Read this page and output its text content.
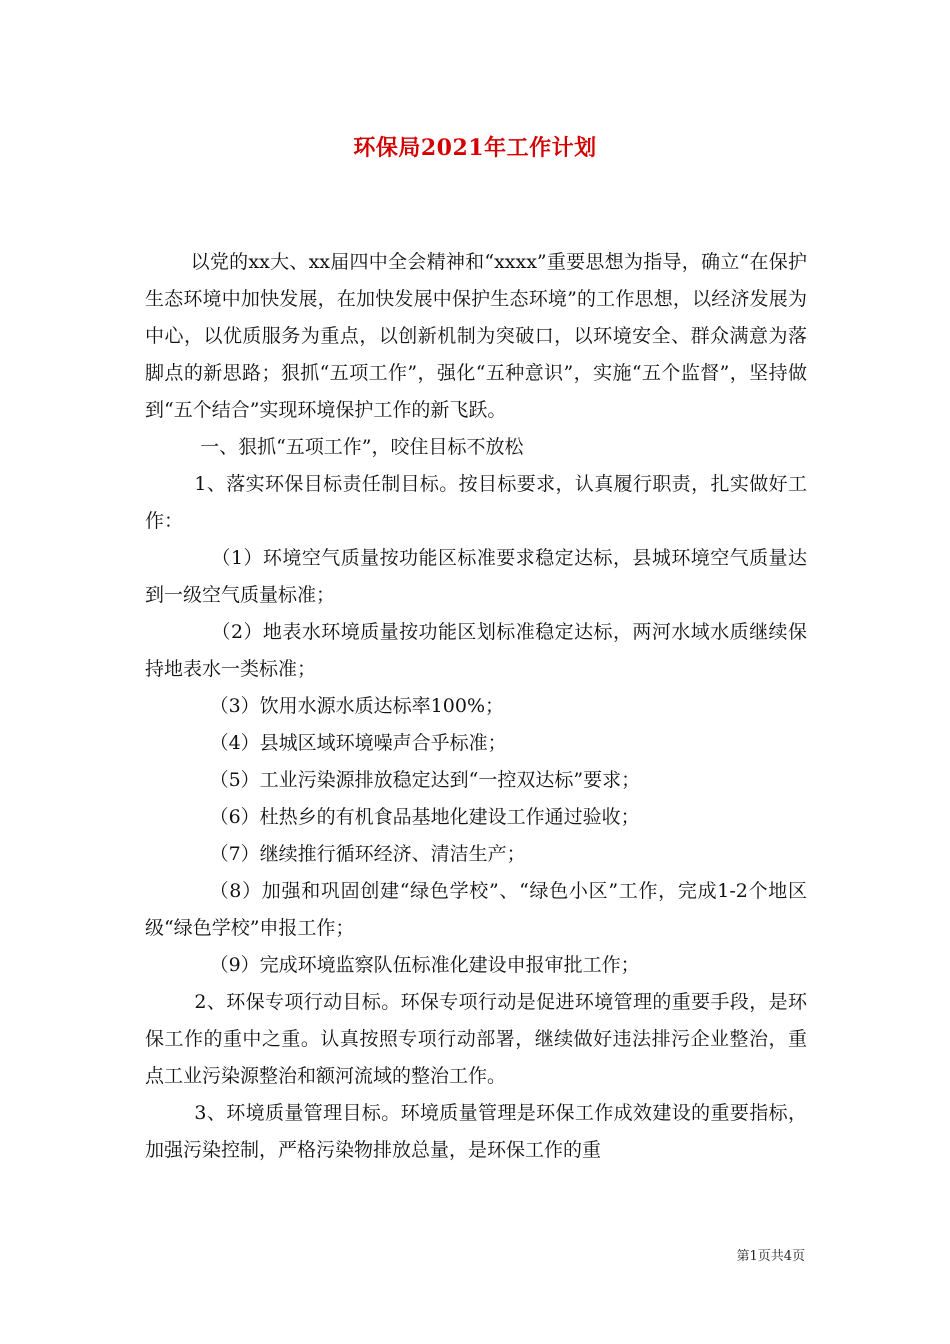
环保局2021年工作计划

以党的xx大、xx届四中全会精神和“xxxx”重要思想为指导，确立“在保护生态环境中加快发展，在加快发展中保护生态环境”的工作思想，以经济发展为中心，以优质服务为重点，以创新机制为突破口，以环境安全、群众满意为落脚点的新思路；狠抓“五项工作”，强化“五种意识”，实施“五个监督”，坚持做到“五个结合”实现环境保护工作的新飞跃。

一、狠抓“五项工作”，咬住目标不放松

1、落实环保目标责任制目标。按目标要求，认真履行职责，扎实做好工作：

（1）环境空气质量按功能区标准要求稳定达标，县城环境空气质量达到一级空气质量标准；

（2）地表水环境质量按功能区划标准稳定达标，两河水域水质继续保持地表水一类标准；

（3）饮用水源水质达标率100%；

（4）县城区域环境噪声合乎标准；

（5）工业污染源排放稳定达到“一控双达标”要求；

（6）杜热乡的有机食品基地化建设工作通过验收；

（7）继续推行循环经济、清洁生产；

（8）加强和巩固创建“绿色学校”、“绿色小区”工作，完成1-2个地区级“绿色学校”申报工作；

（9）完成环境监察队伍标准化建设申报审批工作；

2、环保专项行动目标。环保专项行动是促进环境管理的重要手段，是环保工作的重中之重。认真按照专项行动部署，继续做好违法排污企业整治，重点工业污染源整治和额河流域的整治工作。

3、环境质量管理目标。环境质量管理是环保工作成效建设的重要指标，加强污染控制，严格污染物排放总量，是环保工作的重

第1页共4页
